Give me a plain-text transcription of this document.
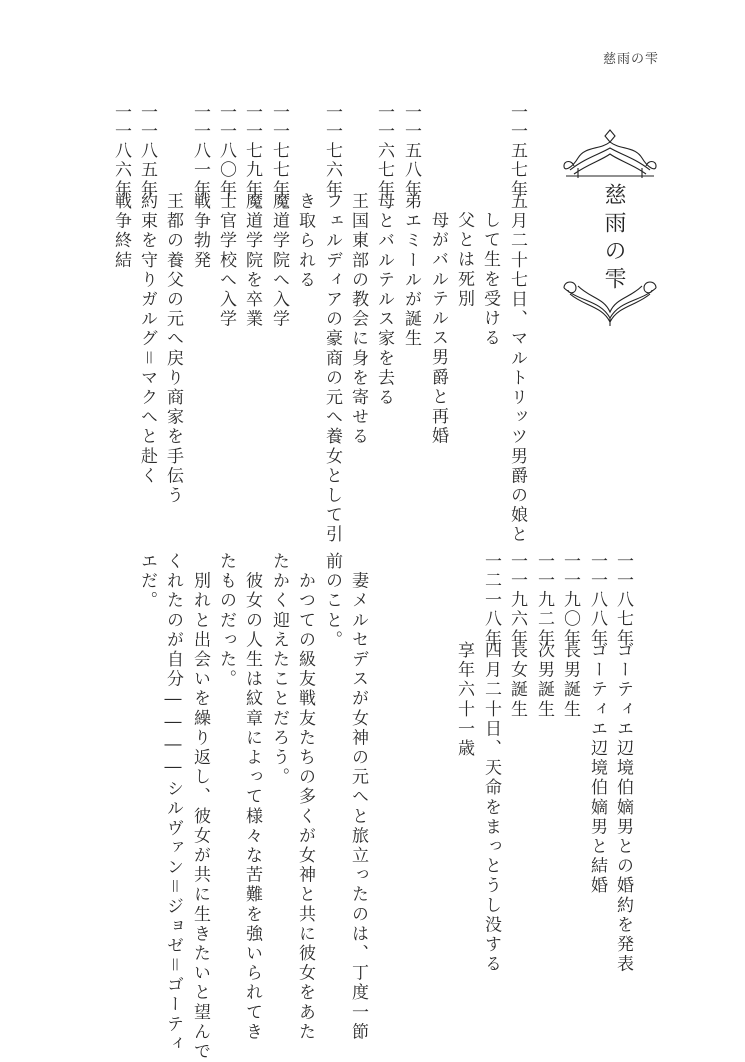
慈雨の雫
慈雨の雫
一一五七年
五月二十七日、マルトリッツ男爵の娘と
して生を受ける
父とは死別
母がバルテルス男爵と再婚
一一五八年
弟エミールが誕生
一一六七年
母とバルテルス家を去る
王国東部の教会に身を寄せる
一一七六年
フェルディアの豪商の元へ養女として引
き取られる
一一七七年
魔道学院へ入学
一一七九年
魔道学院を卒業
一一八〇年
士官学校へ入学
一一八一年
戦争勃発
王都の養父の元へ戻り商家を手伝う
一一八五年
約束を守りガルグ＝マクへと赴く
一一八六年
戦争終結
一一八七年
ゴーティエ辺境伯嫡男との婚約を発表
一一八八年
ゴーティエ辺境伯嫡男と結婚
一一九〇年
長男誕生
一一九二年
次男誕生
一一九六年
長女誕生
一二一八年
四月二十日、天命をまっとうし没する
享年六十一歳
　妻メルセデスが女神の元へと旅立ったのは、丁度一節
前のこと。
　かつての級友戦友たちの多くが女神と共に彼女をあた
たかく迎えたことだろう。
　彼女の人生は紋章によって様々な苦難を強いられてき
たものだった。
　別れと出会いを繰り返し、彼女が共に生きたいと望んで
くれたのが自分――――シルヴァン＝ジョゼ＝ゴーティ
エだ。
